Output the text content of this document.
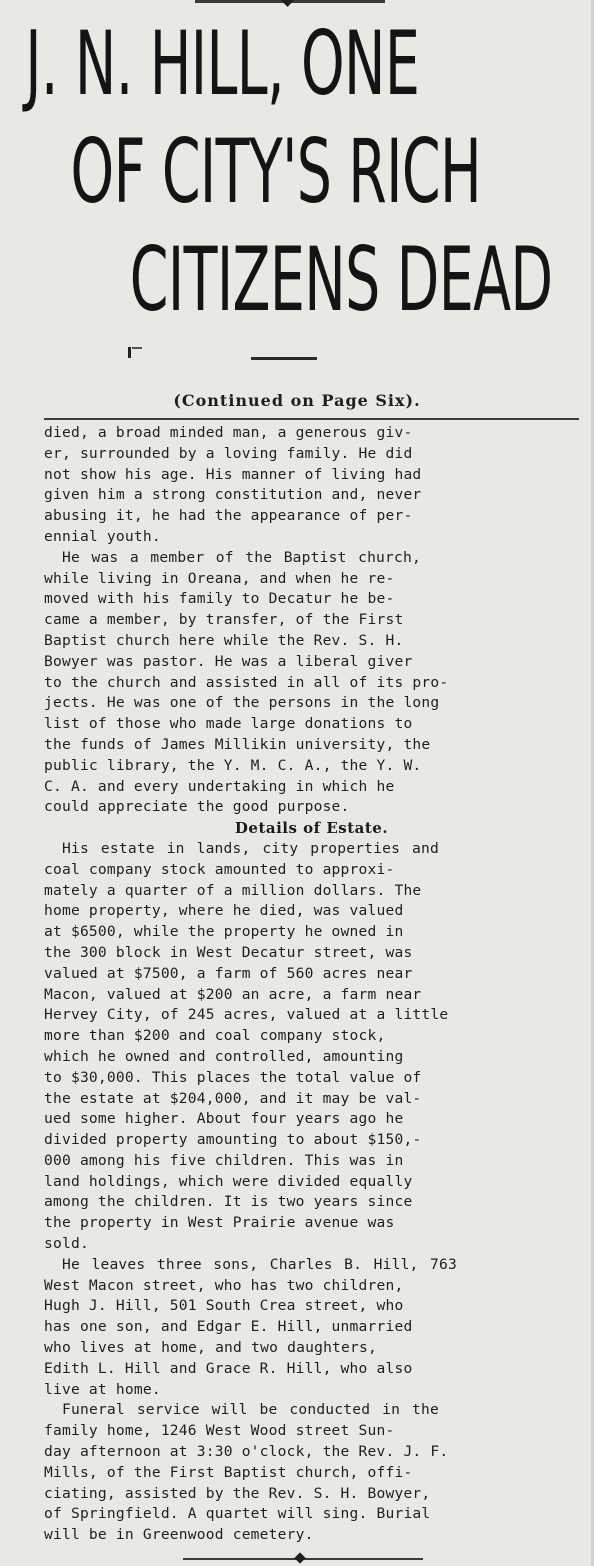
J. N. HILL, ONE
OF CITY'S RICH
CITIZENS DEAD

(Continued on Page Six).

died, a broad minded man, a generous giv-
er, surrounded by a loving family. He did
not show his age. His manner of living had
given him a strong constitution and, never
abusing it, he had the appearance of per-
ennial youth.
He was a member of the Baptist church,
while living in Oreana, and when he re-
moved with his family to Decatur he be-
came a member, by transfer, of the First
Baptist church here while the Rev. S. H.
Bowyer was pastor. He was a liberal giver
to the church and assisted in all of its pro-
jects. He was one of the persons in the long
list of those who made large donations to
the funds of James Millikin university, the
public library, the Y. M. C. A., the Y. W.
C. A. and every undertaking in which he
could appreciate the good purpose.
Details of Estate.
His estate in lands, city properties and
coal company stock amounted to approxi-
mately a quarter of a million dollars. The
home property, where he died, was valued
at $6500, while the property he owned in
the 300 block in West Decatur street, was
valued at $7500, a farm of 560 acres near
Macon, valued at $200 an acre, a farm near
Hervey City, of 245 acres, valued at a little
more than $200 and coal company stock,
which he owned and controlled, amounting
to $30,000. This places the total value of
the estate at $204,000, and it may be val-
ued some higher. About four years ago he
divided property amounting to about $150,-
000 among his five children. This was in
land holdings, which were divided equally
among the children. It is two years since
the property in West Prairie avenue was
sold.
He leaves three sons, Charles B. Hill, 763
West Macon street, who has two children,
Hugh J. Hill, 501 South Crea street, who
has one son, and Edgar E. Hill, unmarried
who lives at home, and two daughters,
Edith L. Hill and Grace R. Hill, who also
live at home.
Funeral service will be conducted in the
family home, 1246 West Wood street Sun-
day afternoon at 3:30 o'clock, the Rev. J. F.
Mills, of the First Baptist church, offi-
ciating, assisted by the Rev. S. H. Bowyer,
of Springfield. A quartet will sing. Burial
will be in Greenwood cemetery.
